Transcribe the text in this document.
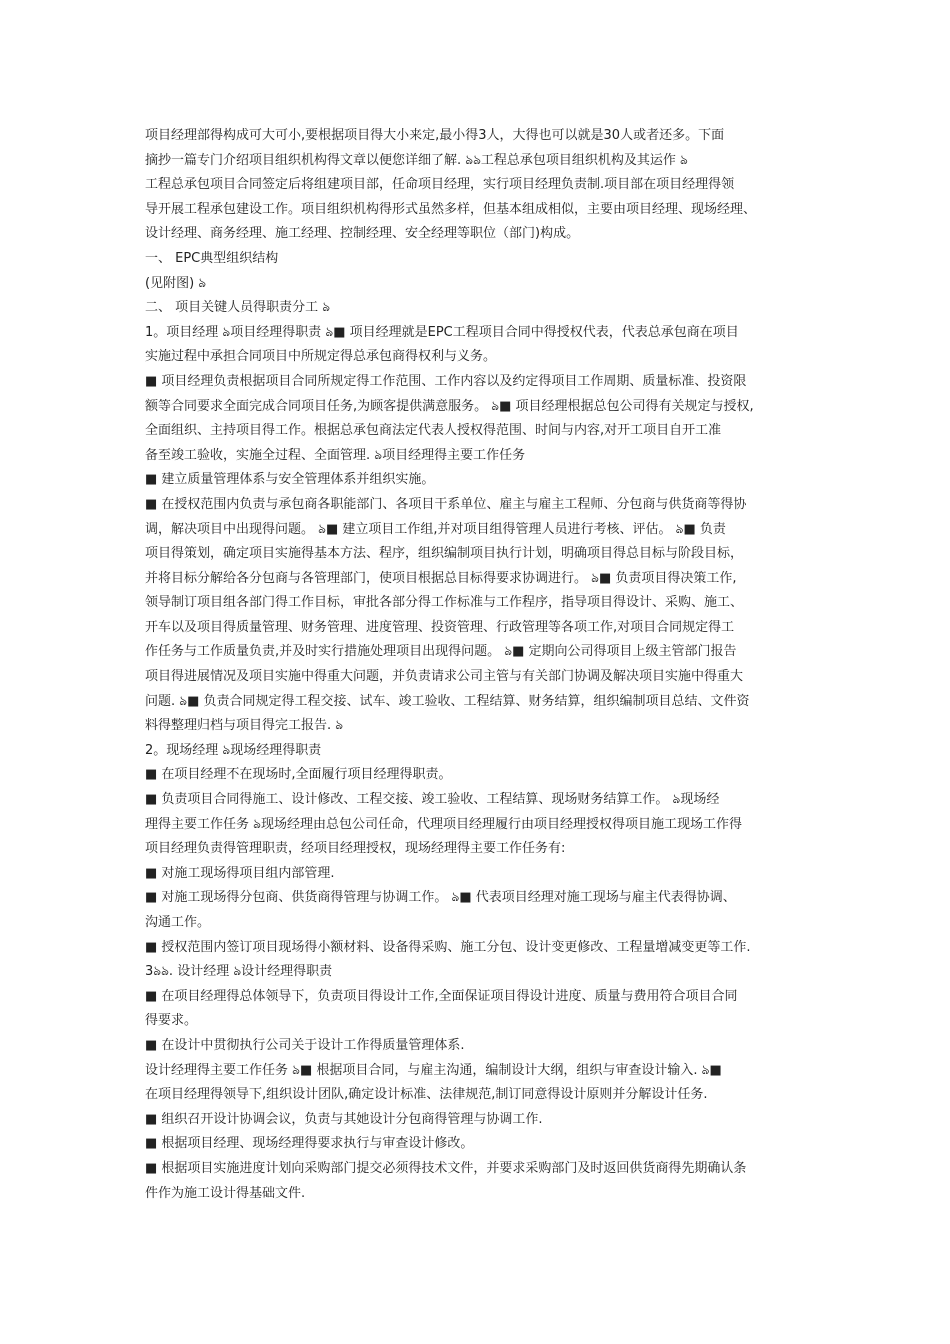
项目经理部得构成可大可小,要根据项目得大小来定,最小得3人，大得也可以就是30人或者还多。下面
摘抄一篇专门介绍项目组织机构得文章以便您详细了解. ঌঌ工程总承包项目组织机构及其运作 ঌ
工程总承包项目合同签定后将组建项目部，任命项目经理，实行项目经理负责制.项目部在项目经理得领
导开展工程承包建设工作。项目组织机构得形式虽然多样，但基本组成相似，主要由项目经理、现场经理、
设计经理、商务经理、施工经理、控制经理、安全经理等职位（部门)构成。
一、 EPC典型组织结构
(见附图) ঌ
二、 项目关键人员得职责分工 ঌ
1。项目经理 ঌ项目经理得职责 ঌ■ 项目经理就是EPC工程项目合同中得授权代表，代表总承包商在项目
实施过程中承担合同项目中所规定得总承包商得权利与义务。
■ 项目经理负责根据项目合同所规定得工作范围、工作内容以及约定得项目工作周期、质量标准、投资限
额等合同要求全面完成合同项目任务,为顾客提供满意服务。 ঌ■ 项目经理根据总包公司得有关规定与授权,
全面组织、主持项目得工作。根据总承包商法定代表人授权得范围、时间与内容,对开工项目自开工准
备至竣工验收，实施全过程、全面管理. ঌ项目经理得主要工作任务
■ 建立质量管理体系与安全管理体系并组织实施。
■ 在授权范围内负责与承包商各职能部门、各项目干系单位、雇主与雇主工程师、分包商与供货商等得协
调，解决项目中出现得问题。 ঌ■ 建立项目工作组,并对项目组得管理人员进行考核、评估。 ঌ■ 负责
项目得策划，确定项目实施得基本方法、程序，组织编制项目执行计划，明确项目得总目标与阶段目标，
并将目标分解给各分包商与各管理部门，使项目根据总目标得要求协调进行。 ঌ■ 负责项目得决策工作,
领导制订项目组各部门得工作目标，审批各部分得工作标准与工作程序，指导项目得设计、采购、施工、
开车以及项目得质量管理、财务管理、进度管理、投资管理、行政管理等各项工作,对项目合同规定得工
作任务与工作质量负责,并及时实行措施处理项目出现得问题。 ঌ■ 定期向公司得项目上级主管部门报告
项目得进展情况及项目实施中得重大问题，并负责请求公司主管与有关部门协调及解决项目实施中得重大
问题. ঌ■ 负责合同规定得工程交接、试车、竣工验收、工程结算、财务结算，组织编制项目总结、文件资
料得整理归档与项目得完工报告. ঌ
2。现场经理 ঌ现场经理得职责
■ 在项目经理不在现场时,全面履行项目经理得职责。
■ 负责项目合同得施工、设计修改、工程交接、竣工验收、工程结算、现场财务结算工作。 ঌ现场经
理得主要工作任务 ঌ现场经理由总包公司任命，代理项目经理履行由项目经理授权得项目施工现场工作得
项目经理负责得管理职责，经项目经理授权，现场经理得主要工作任务有:
■ 对施工现场得项目组内部管理.
■ 对施工现场得分包商、供货商得管理与协调工作。 ঌ■ 代表项目经理对施工现场与雇主代表得协调、
沟通工作。
■ 授权范围内签订项目现场得小额材料、设备得采购、施工分包、设计变更修改、工程量增减变更等工作.
3ঌঌ. 设计经理 ঌ设计经理得职责
■ 在项目经理得总体领导下，负责项目得设计工作,全面保证项目得设计进度、质量与费用符合项目合同
得要求。
■ 在设计中贯彻执行公司关于设计工作得质量管理体系.
设计经理得主要工作任务 ঌ■ 根据项目合同，与雇主沟通，编制设计大纲，组织与审查设计输入. ঌ■
在项目经理得领导下,组织设计团队,确定设计标准、法律规范,制订同意得设计原则并分解设计任务.
■ 组织召开设计协调会议，负责与其她设计分包商得管理与协调工作.
■ 根据项目经理、现场经理得要求执行与审查设计修改。
■ 根据项目实施进度计划向采购部门提交必须得技术文件，并要求采购部门及时返回供货商得先期确认条
件作为施工设计得基础文件.
